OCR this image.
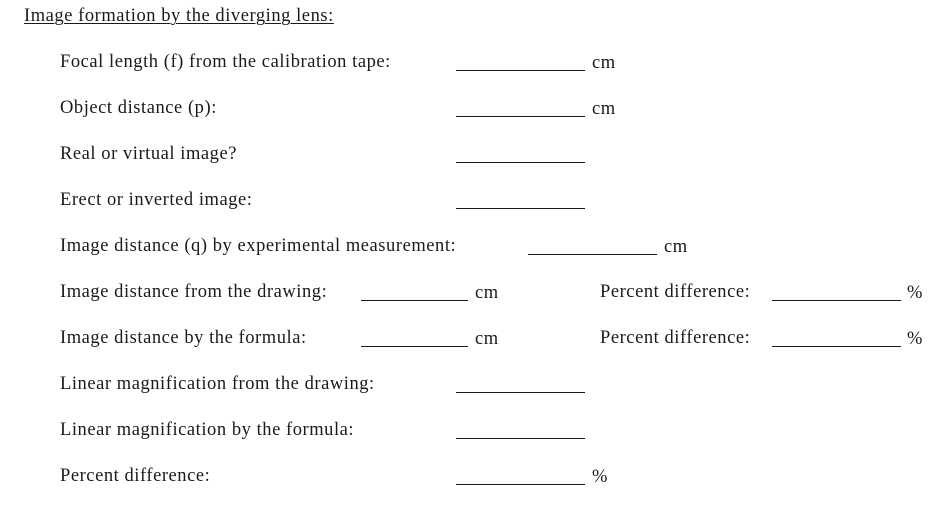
Image formation by the diverging lens:
Focal length (f) from the calibration tape:	cm
Object distance (p):	cm
Real or virtual image?
Erect or inverted image:
Image distance (q) by experimental measurement:	cm
Image distance from the drawing:	cm	Percent difference:	%
Image distance by the formula:	cm	Percent difference:	%
Linear magnification from the drawing:
Linear magnification by the formula:
Percent difference:	%
